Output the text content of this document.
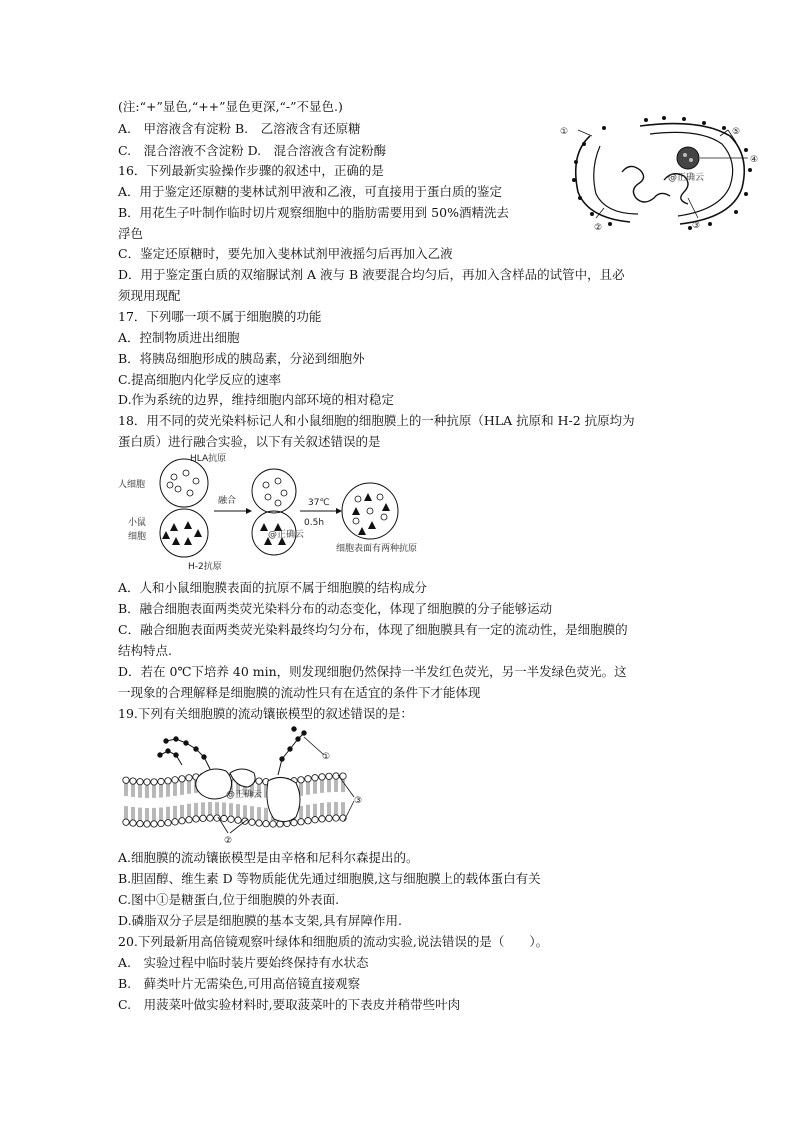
(注:“+”显色,“++”显色更深,“-”不显色.)
A.　甲溶液含有淀粉 B.　乙溶液含有还原糖
C.　混合溶液不含淀粉 D.　混合溶液含有淀粉酶
16．下列最新实验操作步骤的叙述中，正确的是
A．用于鉴定还原糖的斐林试剂甲液和乙液，可直接用于蛋白质的鉴定
B．用花生子叶制作临时切片观察细胞中的脂肪需要用到 50%酒精洗去
浮色
C．鉴定还原糖时，要先加入斐林试剂甲液摇匀后再加入乙液
D．用于鉴定蛋白质的双缩脲试剂 A 液与 B 液要混合均匀后，再加入含样品的试管中，且必
须现用现配
17．下列哪一项不属于细胞膜的功能
A．控制物质进出细胞
B．将胰岛细胞形成的胰岛素，分泌到细胞外
C.提高细胞内化学反应的速率
D.作为系统的边界，维持细胞内部环境的相对稳定
18．用不同的荧光染料标记人和小鼠细胞的细胞膜上的一种抗原（HLA 抗原和 H-2 抗原均为
蛋白质）进行融合实验，以下有关叙述错误的是
A．人和小鼠细胞膜表面的抗原不属于细胞膜的结构成分
B．融合细胞表面两类荧光染料分布的动态变化，体现了细胞膜的分子能够运动
C．融合细胞表面两类荧光染料最终均匀分布，体现了细胞膜具有一定的流动性，是细胞膜的
结构特点.
D．若在 0℃下培养 40 min，则发现细胞仍然保持一半发红色荧光，另一半发绿色荧光。这
一现象的合理解释是细胞膜的流动性只有在适宜的条件下才能体现
19.下列有关细胞膜的流动镶嵌模型的叙述错误的是：
A.细胞膜的流动镶嵌模型是由辛格和尼科尔森提出的。
B.胆固醇、维生素 D 等物质能优先通过细胞膜,这与细胞膜上的载体蛋白有关
C.图中①是糖蛋白,位于细胞膜的外表面.
D.磷脂双分子层是细胞膜的基本支架,具有屏障作用.
20.下列最新用高倍镜观察叶绿体和细胞质的流动实验,说法错误的是（　　）。
A.　实验过程中临时装片要始终保持有水状态
B.　藓类叶片无需染色,可用高倍镜直接观察
C.　用菠菜叶做实验材料时,要取菠菜叶的下表皮并稍带些叶肉
①
②	③
④
⑤
@正确云
HLA抗原
人细胞
小鼠
细胞
融合	37℃
0.5h
H-2抗原
细胞表面有两种抗原
@正确云
①
②
③
@正确云
